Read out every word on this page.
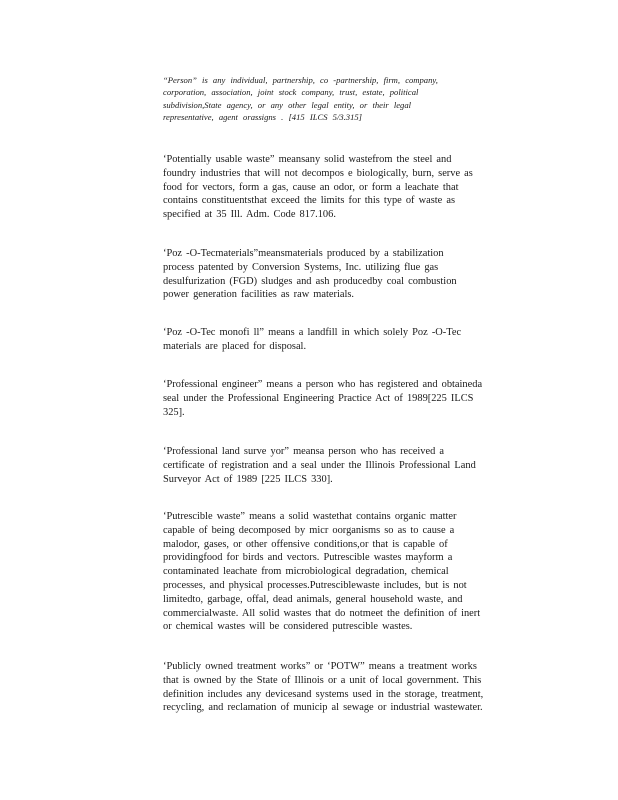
“Person” is any individual, partnership, co -partnership, firm, company,
corporation, association, joint stock company, trust, estate, political
subdivision,State agency, or any other legal entity, or their legal
representative, agent orassigns . [415 ILCS 5/3.315]

‘Potentially usable waste” meansany solid wastefrom the steel and
foundry industries that will not decompos e biologically, burn, serve as
food for vectors, form a gas, cause an odor, or form a leachate that
contains constituentsthat exceed the limits for this type of waste as
specified at 35 Ill. Adm. Code 817.106.

‘Poz -O-Tecmaterials”meansmaterials produced by a stabilization
process patented by Conversion Systems, Inc. utilizing flue gas
desulfurization (FGD) sludges and ash producedby coal combustion
power generation facilities as raw materials.

‘Poz -O-Tec monofi ll” means a landfill in which solely Poz -O-Tec
materials are placed for disposal.

‘Professional engineer” means a person who has registered and obtaineda
seal under the Professional Engineering Practice Act of 1989[225 ILCS
325].

‘Professional land surve yor” meansa person who has received a
certificate of registration and a seal under the Illinois Professional Land
Surveyor Act of 1989 [225 ILCS 330].

‘Putrescible waste” means a solid wastethat contains organic matter
capable of being decomposed by micr oorganisms so as to cause a
malodor, gases, or other offensive conditions,or that is capable of
providingfood for birds and vectors. Putrescible wastes mayform a
contaminated leachate from microbiological degradation, chemical
processes, and physical processes.Putresciblewaste includes, but is not
limitedto, garbage, offal, dead animals, general household waste, and
commercialwaste. All solid wastes that do notmeet the definition of inert
or chemical wastes will be considered putrescible wastes.

‘Publicly owned treatment works” or ‘POTW” means a treatment works
that is owned by the State of Illinois or a unit of local government. This
definition includes any devicesand systems used in the storage, treatment,
recycling, and reclamation of municip al sewage or industrial wastewater.
